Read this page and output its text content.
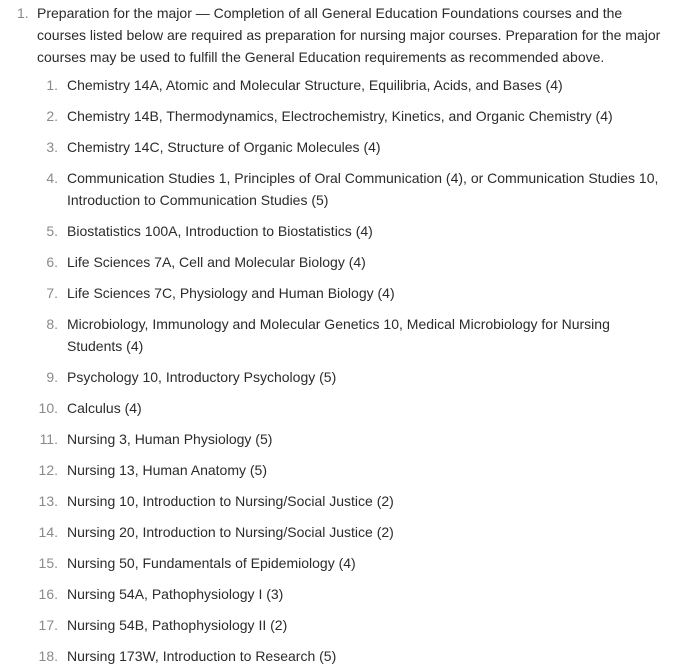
1. Preparation for the major — Completion of all General Education Foundations courses and the courses listed below are required as preparation for nursing major courses. Preparation for the major courses may be used to fulfill the General Education requirements as recommended above.

1. Chemistry 14A, Atomic and Molecular Structure, Equilibria, Acids, and Bases (4)
2. Chemistry 14B, Thermodynamics, Electrochemistry, Kinetics, and Organic Chemistry (4)
3. Chemistry 14C, Structure of Organic Molecules (4)
4. Communication Studies 1, Principles of Oral Communication (4), or Communication Studies 10, Introduction to Communication Studies (5)
5. Biostatistics 100A, Introduction to Biostatistics (4)
6. Life Sciences 7A, Cell and Molecular Biology (4)
7. Life Sciences 7C, Physiology and Human Biology (4)
8. Microbiology, Immunology and Molecular Genetics 10, Medical Microbiology for Nursing Students (4)
9. Psychology 10, Introductory Psychology (5)
10. Calculus (4)
11. Nursing 3, Human Physiology (5)
12. Nursing 13, Human Anatomy (5)
13. Nursing 10, Introduction to Nursing/Social Justice (2)
14. Nursing 20, Introduction to Nursing/Social Justice (2)
15. Nursing 50, Fundamentals of Epidemiology (4)
16. Nursing 54A, Pathophysiology I (3)
17. Nursing 54B, Pathophysiology II (2)
18. Nursing 173W, Introduction to Research (5)
